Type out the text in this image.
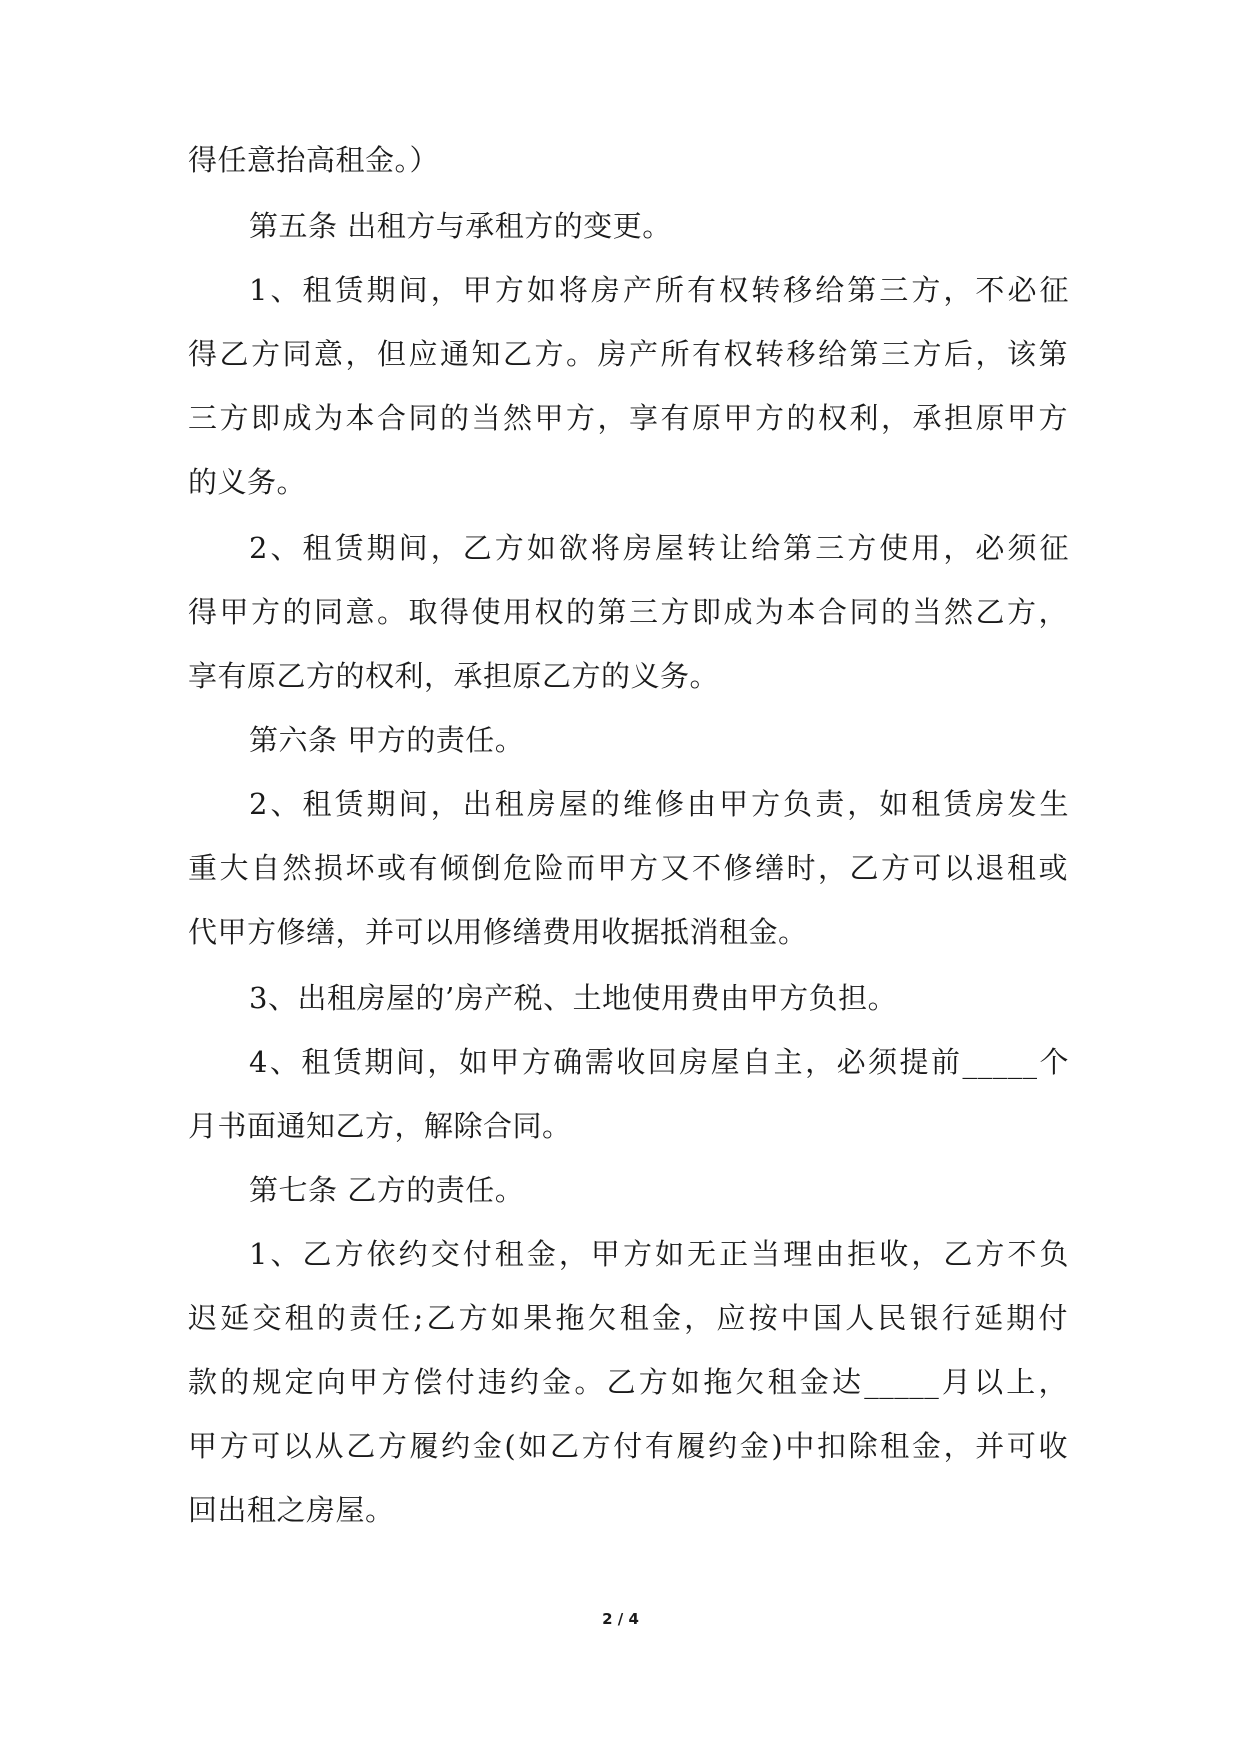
得任意抬高租金。）
第五条 出租方与承租方的变更。
1、租赁期间，甲方如将房产所有权转移给第三方，不必征
得乙方同意，但应通知乙方。房产所有权转移给第三方后，该第
三方即成为本合同的当然甲方，享有原甲方的权利，承担原甲方
的义务。
2、租赁期间，乙方如欲将房屋转让给第三方使用，必须征
得甲方的同意。取得使用权的第三方即成为本合同的当然乙方，
享有原乙方的权利，承担原乙方的义务。
第六条 甲方的责任。
2、租赁期间，出租房屋的维修由甲方负责，如租赁房发生
重大自然损坏或有倾倒危险而甲方又不修缮时，乙方可以退租或
代甲方修缮，并可以用修缮费用收据抵消租金。
3、出租房屋的’房产税、土地使用费由甲方负担。
4、租赁期间，如甲方确需收回房屋自主，必须提前_____个
月书面通知乙方，解除合同。
第七条 乙方的责任。
1、乙方依约交付租金，甲方如无正当理由拒收，乙方不负
迟延交租的责任;乙方如果拖欠租金，应按中国人民银行延期付
款的规定向甲方偿付违约金。乙方如拖欠租金达_____月以上，
甲方可以从乙方履约金(如乙方付有履约金)中扣除租金，并可收
回出租之房屋。
2 / 4
